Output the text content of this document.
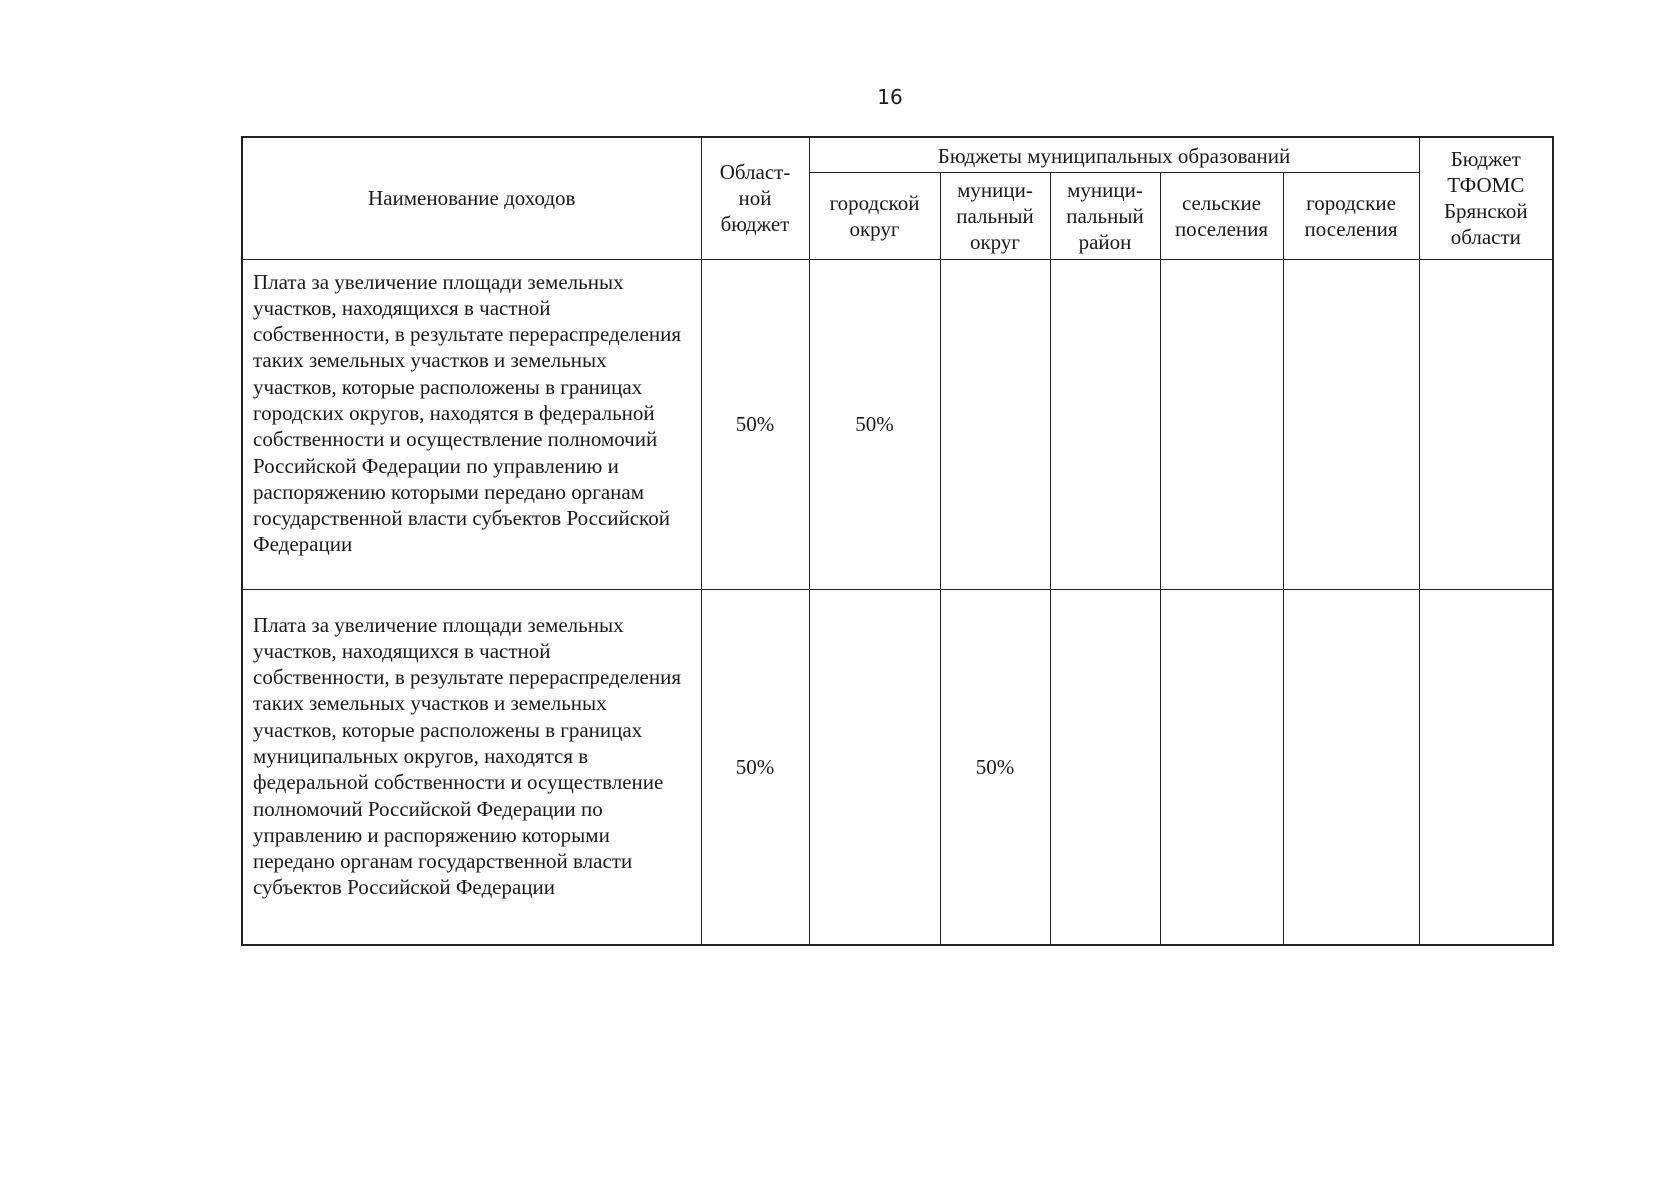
16
Наименование доходов	Област-
ной
бюджет	Бюджеты муниципальных образований					Бюджет
ТФОМС
Брянской
области
		городской
округ	муници-
пальный
округ	муници-
пальный
район	сельские
поселения	городские
поселения	
Плата за увеличение площади земельных участков, находящихся в частной собственности, в результате перераспределения таких земельных участков и земельных участков, которые расположены в границах городских округов, находятся в федеральной собственности и осуществление полномочий Российской Федерации по управлению и распоряжению которыми передано органам государственной власти субъектов Российской Федерации	50%	50%					
Плата за увеличение площади земельных участков, находящихся в частной собственности, в результате перераспределения таких земельных участков и земельных участков, которые расположены в границах муниципальных округов, находятся в федеральной собственности и осуществление полномочий Российской Федерации по управлению и распоряжению которыми передано органам государственной власти субъектов Российской Федерации	50%		50%				
